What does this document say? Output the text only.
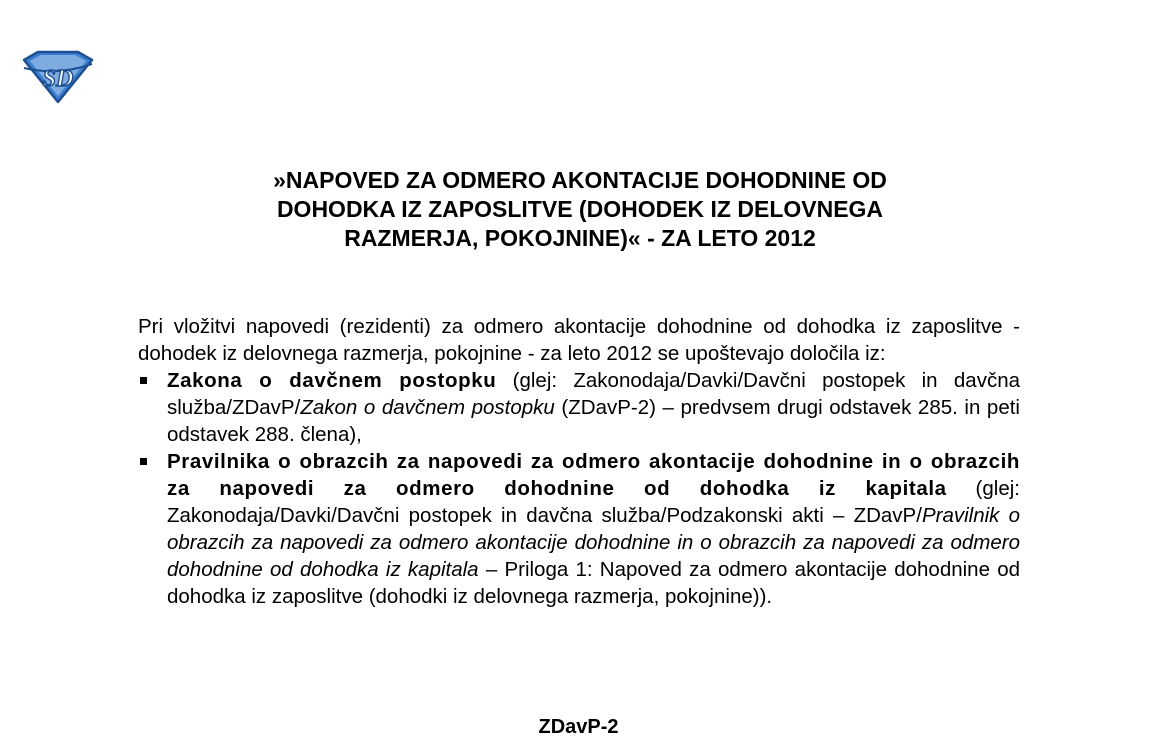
SD
»NAPOVED ZA ODMERO AKONTACIJE DOHODNINE OD
DOHODKA IZ ZAPOSLITVE (DOHODEK IZ DELOVNEGA
RAZMERJA, POKOJNINE)« - ZA LETO 2012

Pri vložitvi napovedi (rezidenti) za odmero akontacije dohodnine od dohodka iz zaposlitve - dohodek iz delovnega razmerja, pokojnine - za leto 2012 se upoštevajo določila iz:

Zakona o davčnem postopku (glej: Zakonodaja/Davki/Davčni postopek in davčna služba/ZDavP/Zakon o davčnem postopku (ZDavP-2) – predvsem drugi odstavek 285. in peti odstavek 288. člena),
Pravilnika o obrazcih za napovedi za odmero akontacije dohodnine in o obrazcih za napovedi za odmero dohodnine od dohodka iz kapitala (glej: Zakonodaja/Davki/Davčni postopek in davčna služba/Podzakonski akti – ZDavP/Pravilnik o obrazcih za napovedi za odmero akontacije dohodnine in o obrazcih za napovedi za odmero dohodnine od dohodka iz kapitala – Priloga 1: Napoved za odmero akontacije dohodnine od dohodka iz zaposlitve (dohodki iz delovnega razmerja, pokojnine)).
ZDavP-2
